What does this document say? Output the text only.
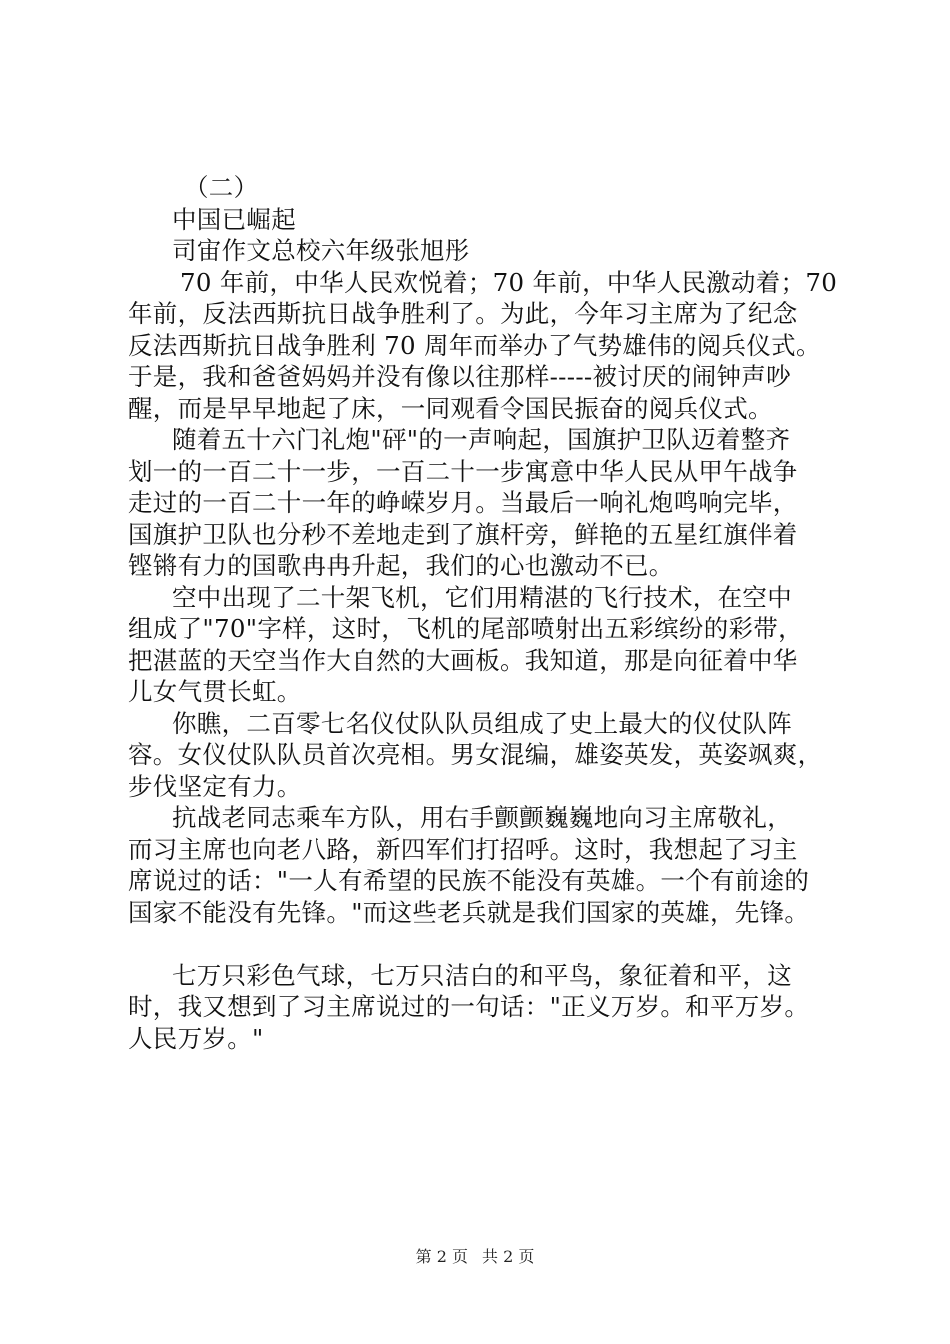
（二）
中国已崛起
司宙作文总校六年级张旭彤
70 年前，中华人民欢悦着；70 年前，中华人民激动着；70
年前，反法西斯抗日战争胜利了。为此，今年习主席为了纪念
反法西斯抗日战争胜利 70 周年而举办了气势雄伟的阅兵仪式。
于是，我和爸爸妈妈并没有像以往那样-----被讨厌的闹钟声吵
醒，而是早早地起了床，一同观看令国民振奋的阅兵仪式。
随着五十六门礼炮"砰"的一声响起，国旗护卫队迈着整齐
划一的一百二十一步，一百二十一步寓意中华人民从甲午战争
走过的一百二十一年的峥嵘岁月。当最后一响礼炮鸣响完毕，
国旗护卫队也分秒不差地走到了旗杆旁，鲜艳的五星红旗伴着
铿锵有力的国歌冉冉升起，我们的心也激动不已。
空中出现了二十架飞机，它们用精湛的飞行技术，在空中
组成了"70"字样，这时，飞机的尾部喷射出五彩缤纷的彩带，
把湛蓝的天空当作大自然的大画板。我知道，那是向征着中华
儿女气贯长虹。
你瞧，二百零七名仪仗队队员组成了史上最大的仪仗队阵
容。女仪仗队队员首次亮相。男女混编，雄姿英发，英姿飒爽，
步伐坚定有力。
抗战老同志乘车方队，用右手颤颤巍巍地向习主席敬礼，
而习主席也向老八路，新四军们打招呼。这时，我想起了习主
席说过的话："一人有希望的民族不能没有英雄。一个有前途的
国家不能没有先锋。"而这些老兵就是我们国家的英雄，先锋。
七万只彩色气球，七万只洁白的和平鸟，象征着和平，这
时，我又想到了习主席说过的一句话："正义万岁。和平万岁。
人民万岁。"
第 2 页 共 2 页
